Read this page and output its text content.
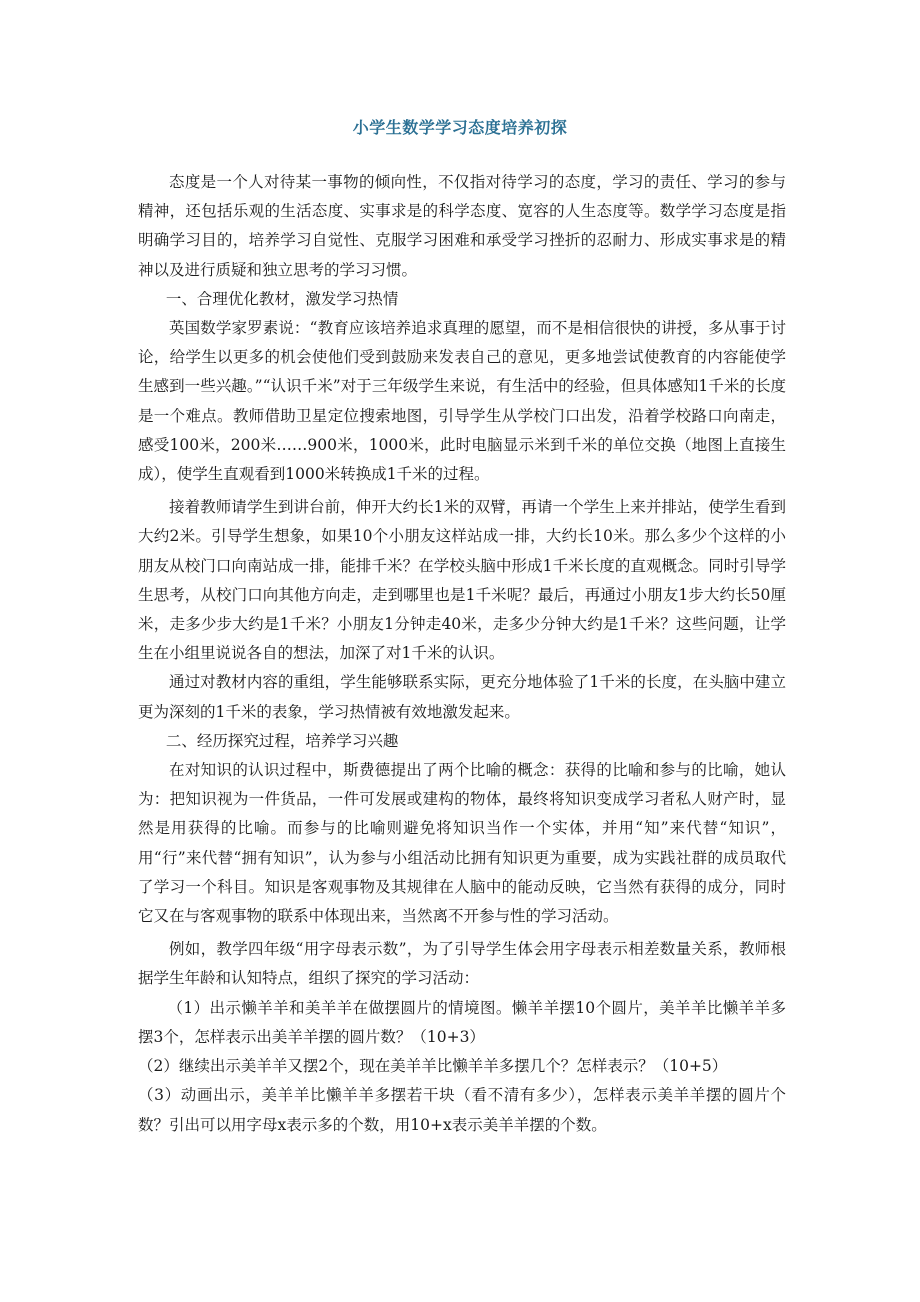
小学生数学学习态度培养初探

态度是一个人对待某一事物的倾向性，不仅指对待学习的态度，学习的责任、学习的参与精神，还包括乐观的生活态度、实事求是的科学态度、宽容的人生态度等。数学学习态度是指明确学习目的，培养学习自觉性、克服学习困难和承受学习挫折的忍耐力、形成实事求是的精神以及进行质疑和独立思考的学习习惯。

一、合理优化教材，激发学习热情

英国数学家罗素说：“教育应该培养追求真理的愿望，而不是相信很快的讲授，多从事于讨论，给学生以更多的机会使他们受到鼓励来发表自己的意见，更多地尝试使教育的内容能使学生感到一些兴趣。”“认识千米”对于三年级学生来说，有生活中的经验，但具体感知1千米的长度是一个难点。教师借助卫星定位搜索地图，引导学生从学校门口出发，沿着学校路口向南走，感受100米，200米……900米，1000米，此时电脑显示米到千米的单位交换（地图上直接生成），使学生直观看到1000米转换成1千米的过程。

接着教师请学生到讲台前，伸开大约长1米的双臂，再请一个学生上来并排站，使学生看到大约2米。引导学生想象，如果10个小朋友这样站成一排，大约长10米。那么多少个这样的小朋友从校门口向南站成一排，能排千米？在学校头脑中形成1千米长度的直观概念。同时引导学生思考，从校门口向其他方向走，走到哪里也是1千米呢？最后，再通过小朋友1步大约长50厘米，走多少步大约是1千米？小朋友1分钟走40米，走多少分钟大约是1千米？这些问题，让学生在小组里说说各自的想法，加深了对1千米的认识。

通过对教材内容的重组，学生能够联系实际，更充分地体验了1千米的长度，在头脑中建立更为深刻的1千米的表象，学习热情被有效地激发起来。

二、经历探究过程，培养学习兴趣

在对知识的认识过程中，斯费德提出了两个比喻的概念：获得的比喻和参与的比喻，她认为：把知识视为一件货品，一件可发展或建构的物体，最终将知识变成学习者私人财产时，显然是用获得的比喻。而参与的比喻则避免将知识当作一个实体，并用“知”来代替“知识”，用“行”来代替“拥有知识”，认为参与小组活动比拥有知识更为重要，成为实践社群的成员取代了学习一个科目。知识是客观事物及其规律在人脑中的能动反映，它当然有获得的成分，同时它又在与客观事物的联系中体现出来，当然离不开参与性的学习活动。

例如，教学四年级“用字母表示数”，为了引导学生体会用字母表示相差数量关系，教师根据学生年龄和认知特点，组织了探究的学习活动：

（1）出示懒羊羊和美羊羊在做摆圆片的情境图。懒羊羊摆10个圆片，美羊羊比懒羊羊多摆3个，怎样表示出美羊羊摆的圆片数？（10+3）

（2）继续出示美羊羊又摆2个，现在美羊羊比懒羊羊多摆几个？怎样表示？（10+5）

（3）动画出示，美羊羊比懒羊羊多摆若干块（看不清有多少），怎样表示美羊羊摆的圆片个数？引出可以用字母x表示多的个数，用10+x表示美羊羊摆的个数。
